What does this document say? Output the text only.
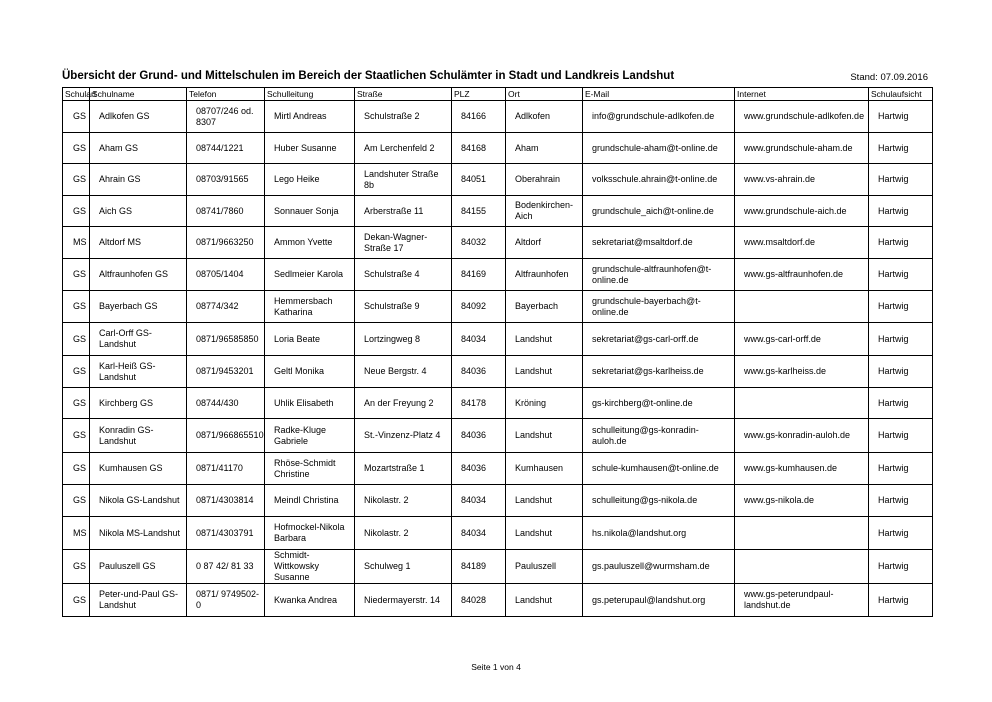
Übersicht der Grund- und Mittelschulen im Bereich der Staatlichen Schulämter in Stadt und Landkreis Landshut	Stand: 07.09.2016
Schulart	Schulname	Telefon	Schulleitung	Straße	PLZ	Ort	E-Mail	Internet	Schulaufsicht
GS	Adlkofen GS	08707/246 od. 8307	Mirtl Andreas	Schulstraße 2	84166	Adlkofen	info@grundschule-adlkofen.de	www.grundschule-adlkofen.de	Hartwig
GS	Aham GS	08744/1221	Huber Susanne	Am Lerchenfeld 2	84168	Aham	grundschule-aham@t-online.de	www.grundschule-aham.de	Hartwig
GS	Ahrain GS	08703/91565	Lego Heike	Landshuter Straße 8b	84051	Oberahrain	volksschule.ahrain@t-online.de	www.vs-ahrain.de	Hartwig
GS	Aich GS	08741/7860	Sonnauer Sonja	Arberstraße 11	84155	Bodenkirchen-Aich	grundschule_aich@t-online.de	www.grundschule-aich.de	Hartwig
MS	Altdorf MS	0871/9663250	Ammon Yvette	Dekan-Wagner-Straße 17	84032	Altdorf	sekretariat@msaltdorf.de	www.msaltdorf.de	Hartwig
GS	Altfraunhofen GS	08705/1404	Sedlmeier Karola	Schulstraße 4	84169	Altfraunhofen	grundschule-altfraunhofen@t-online.de	www.gs-altfraunhofen.de	Hartwig
GS	Bayerbach GS	08774/342	Hemmersbach Katharina	Schulstraße 9	84092	Bayerbach	grundschule-bayerbach@t-online.de		Hartwig
GS	Carl-Orff GS-Landshut	0871/96585850	Loria Beate	Lortzingweg 8	84034	Landshut	sekretariat@gs-carl-orff.de	www.gs-carl-orff.de	Hartwig
GS	Karl-Heiß GS-Landshut	0871/9453201	Geltl Monika	Neue Bergstr. 4	84036	Landshut	sekretariat@gs-karlheiss.de	www.gs-karlheiss.de	Hartwig
GS	Kirchberg GS	08744/430	Uhlik Elisabeth	An der Freyung 2	84178	Kröning	gs-kirchberg@t-online.de		Hartwig
GS	Konradin GS-Landshut	0871/966865510	Radke-Kluge Gabriele	St.-Vinzenz-Platz 4	84036	Landshut	schulleitung@gs-konradin-auloh.de	www.gs-konradin-auloh.de	Hartwig
GS	Kumhausen GS	0871/41170	Rhöse-Schmidt Christine	Mozartstraße 1	84036	Kumhausen	schule-kumhausen@t-online.de	www.gs-kumhausen.de	Hartwig
GS	Nikola GS-Landshut	0871/4303814	Meindl Christina	Nikolastr. 2	84034	Landshut	schulleitung@gs-nikola.de	www.gs-nikola.de	Hartwig
MS	Nikola MS-Landshut	0871/4303791	Hofmockel-Nikola Barbara	Nikolastr. 2	84034	Landshut	hs.nikola@landshut.org		Hartwig
GS	Pauluszell GS	0 87 42/ 81 33	Schmidt-Wittkowsky Susanne	Schulweg 1	84189	Pauluszell	gs.pauluszell@wurmsham.de		Hartwig
GS	Peter-und-Paul GS-Landshut	0871/ 9749502-0	Kwanka Andrea	Niedermayerstr. 14	84028	Landshut	gs.peterupaul@landshut.org	www.gs-peterundpaul-landshut.de	Hartwig
Seite 1 von 4
